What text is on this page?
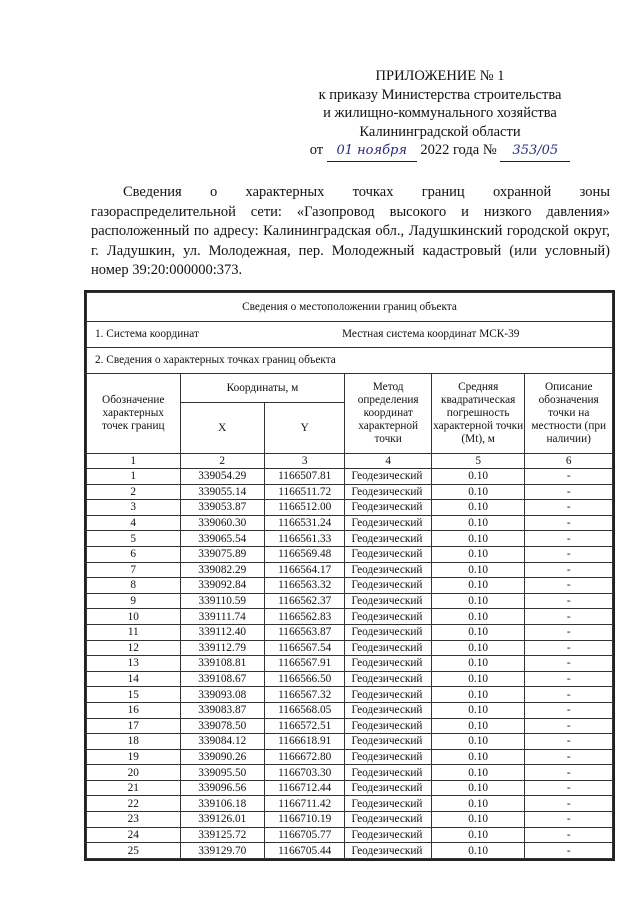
ПРИЛОЖЕНИЕ № 1
к приказу Министерства строительства
и жилищно-коммунального хозяйства
Калининградской области
от 01 ноября 2022 года № 353/05
Сведения о характерных точках границ охранной зоны газораспределительной сети: «Газопровод высокого и низкого давления» расположенный по адресу: Калининградская обл., Ладушкинский городской округ, г. Ладушкин, ул. Молодежная, пер. Молодежный кадастровый (или условный) номер 39:20:000000:373.
Сведения о местоположении границ объекта					

1. Система координат Местная система координат МСК-39					

2. Сведения о характерных точках границ объекта					
Обозначение характерных точек границ	Координаты, м		Метод определения координат характерной точки	Средняя квадратическая погрешность характерной точки (Mt), м	Описание обозначения точки на местности (при наличии)
	X	Y			
1	2	3	4	5	6
1	339054.29	1166507.81	Геодезический	0.10	-
2	339055.14	1166511.72	Геодезический	0.10	-
3	339053.87	1166512.00	Геодезический	0.10	-
4	339060.30	1166531.24	Геодезический	0.10	-
5	339065.54	1166561.33	Геодезический	0.10	-
6	339075.89	1166569.48	Геодезический	0.10	-
7	339082.29	1166564.17	Геодезический	0.10	-
8	339092.84	1166563.32	Геодезический	0.10	-
9	339110.59	1166562.37	Геодезический	0.10	-
10	339111.74	1166562.83	Геодезический	0.10	-
11	339112.40	1166563.87	Геодезический	0.10	-
12	339112.79	1166567.54	Геодезический	0.10	-
13	339108.81	1166567.91	Геодезический	0.10	-
14	339108.67	1166566.50	Геодезический	0.10	-
15	339093.08	1166567.32	Геодезический	0.10	-
16	339083.87	1166568.05	Геодезический	0.10	-
17	339078.50	1166572.51	Геодезический	0.10	-
18	339084.12	1166618.91	Геодезический	0.10	-
19	339090.26	1166672.80	Геодезический	0.10	-
20	339095.50	1166703.30	Геодезический	0.10	-
21	339096.56	1166712.44	Геодезический	0.10	-
22	339106.18	1166711.42	Геодезический	0.10	-
23	339126.01	1166710.19	Геодезический	0.10	-
24	339125.72	1166705.77	Геодезический	0.10	-
25	339129.70	1166705.44	Геодезический	0.10	-
